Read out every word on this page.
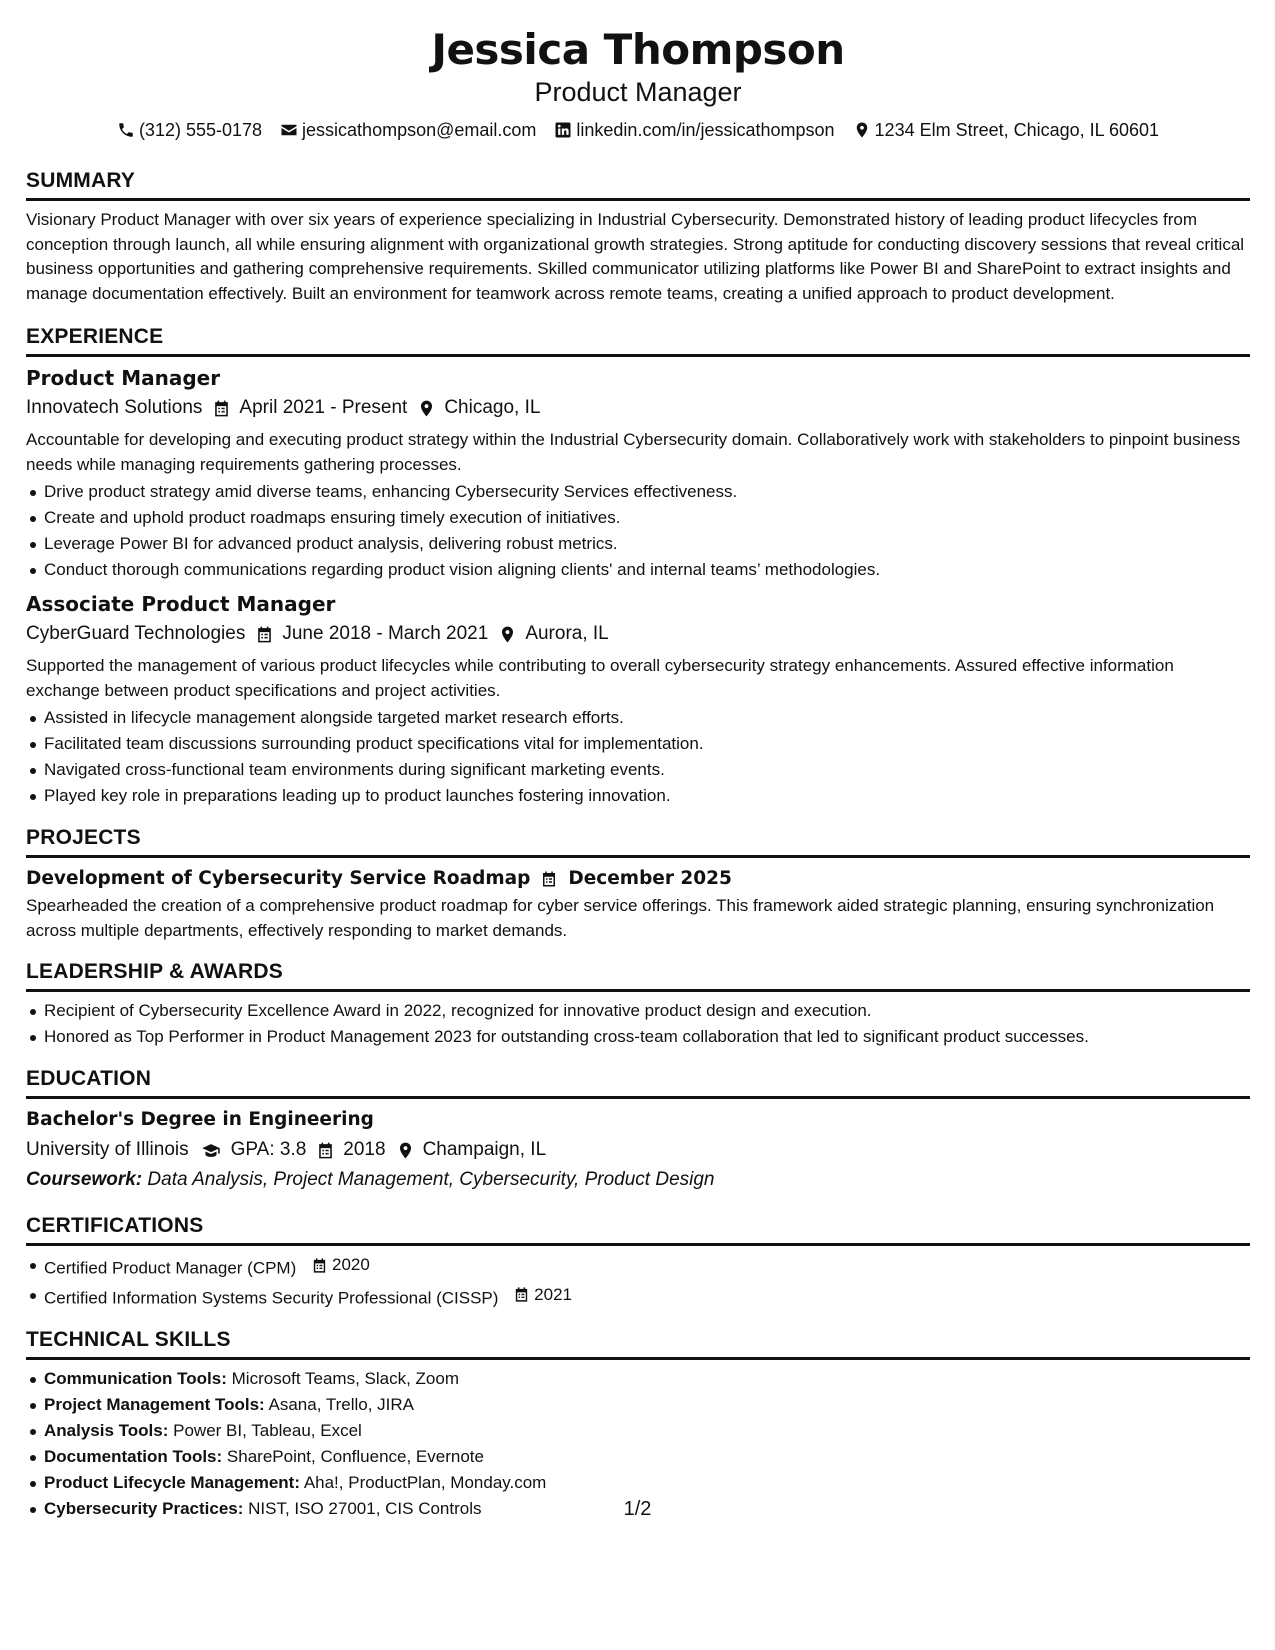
Jessica Thompson
Product Manager
(312) 555-0178 jessicathompson@email.com linkedin.com/in/jessicathompson 1234 Elm Street, Chicago, IL 60601
SUMMARY
Visionary Product Manager with over six years of experience specializing in Industrial Cybersecurity. Demonstrated history of leading product lifecycles from conception through launch, all while ensuring alignment with organizational growth strategies. Strong aptitude for conducting discovery sessions that reveal critical business opportunities and gathering comprehensive requirements. Skilled communicator utilizing platforms like Power BI and SharePoint to extract insights and manage documentation effectively. Built an environment for teamwork across remote teams, creating a unified approach to product development.
EXPERIENCE
Product Manager
Innovatech Solutions April 2021 - Present Chicago, IL
Accountable for developing and executing product strategy within the Industrial Cybersecurity domain. Collaboratively work with stakeholders to pinpoint business needs while managing requirements gathering processes.
Drive product strategy amid diverse teams, enhancing Cybersecurity Services effectiveness.
Create and uphold product roadmaps ensuring timely execution of initiatives.
Leverage Power BI for advanced product analysis, delivering robust metrics.
Conduct thorough communications regarding product vision aligning clients' and internal teams’ methodologies.
Associate Product Manager
CyberGuard Technologies June 2018 - March 2021 Aurora, IL
Supported the management of various product lifecycles while contributing to overall cybersecurity strategy enhancements. Assured effective information exchange between product specifications and project activities.
Assisted in lifecycle management alongside targeted market research efforts.
Facilitated team discussions surrounding product specifications vital for implementation.
Navigated cross-functional team environments during significant marketing events.
Played key role in preparations leading up to product launches fostering innovation.
PROJECTS
Development of Cybersecurity Service Roadmap December 2025
Spearheaded the creation of a comprehensive product roadmap for cyber service offerings. This framework aided strategic planning, ensuring synchronization across multiple departments, effectively responding to market demands.
LEADERSHIP & AWARDS
Recipient of Cybersecurity Excellence Award in 2022, recognized for innovative product design and execution.
Honored as Top Performer in Product Management 2023 for outstanding cross-team collaboration that led to significant product successes.
EDUCATION
Bachelor's Degree in Engineering
University of Illinois GPA: 3.8 2018 Champaign, IL
Coursework: Data Analysis, Project Management, Cybersecurity, Product Design
CERTIFICATIONS
Certified Product Manager (CPM) 2020
Certified Information Systems Security Professional (CISSP) 2021
TECHNICAL SKILLS
Communication Tools: Microsoft Teams, Slack, Zoom
Project Management Tools: Asana, Trello, JIRA
Analysis Tools: Power BI, Tableau, Excel
Documentation Tools: SharePoint, Confluence, Evernote
Product Lifecycle Management: Aha!, ProductPlan, Monday.com
Cybersecurity Practices: NIST, ISO 27001, CIS Controls	1/2
